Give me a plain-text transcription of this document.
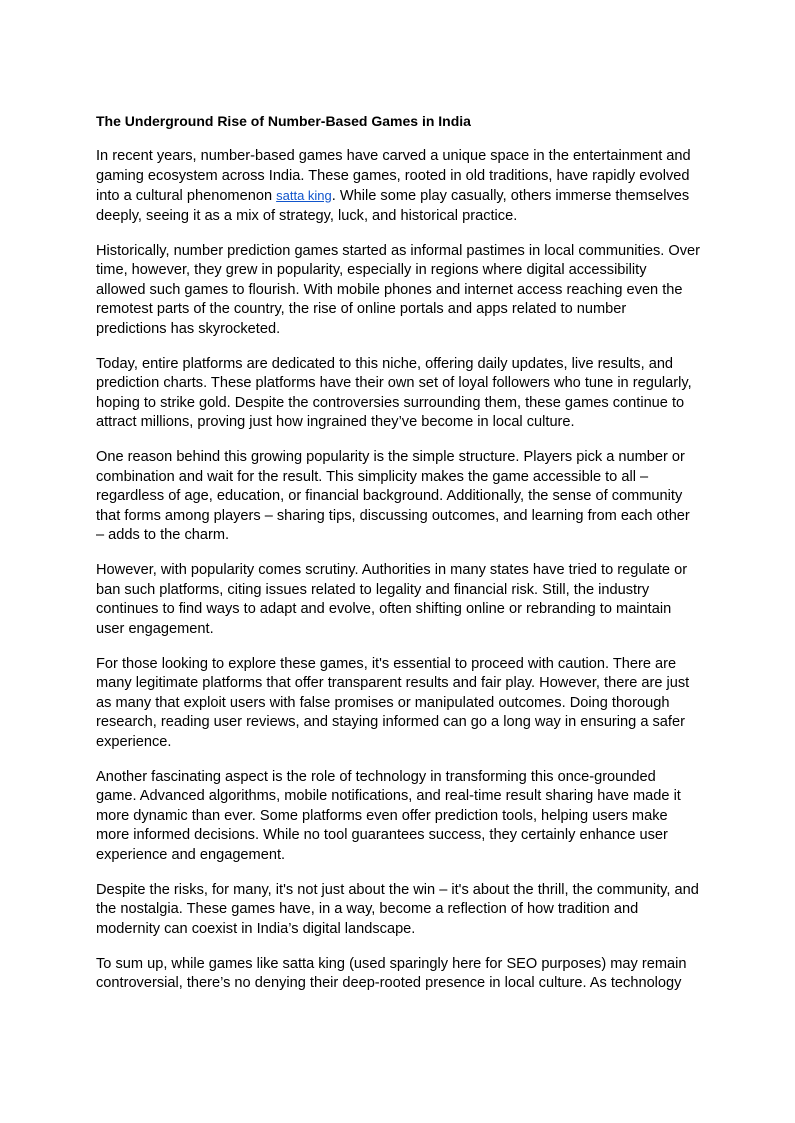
The Underground Rise of Number-Based Games in India

In recent years, number-based games have carved a unique space in the entertainment and gaming ecosystem across India. These games, rooted in old traditions, have rapidly evolved into a cultural phenomenon satta king. While some play casually, others immerse themselves deeply, seeing it as a mix of strategy, luck, and historical practice.

Historically, number prediction games started as informal pastimes in local communities. Over time, however, they grew in popularity, especially in regions where digital accessibility allowed such games to flourish. With mobile phones and internet access reaching even the remotest parts of the country, the rise of online portals and apps related to number predictions has skyrocketed.

Today, entire platforms are dedicated to this niche, offering daily updates, live results, and prediction charts. These platforms have their own set of loyal followers who tune in regularly, hoping to strike gold. Despite the controversies surrounding them, these games continue to attract millions, proving just how ingrained they’ve become in local culture.

One reason behind this growing popularity is the simple structure. Players pick a number or combination and wait for the result. This simplicity makes the game accessible to all – regardless of age, education, or financial background. Additionally, the sense of community that forms among players – sharing tips, discussing outcomes, and learning from each other – adds to the charm.

However, with popularity comes scrutiny. Authorities in many states have tried to regulate or ban such platforms, citing issues related to legality and financial risk. Still, the industry continues to find ways to adapt and evolve, often shifting online or rebranding to maintain user engagement.

For those looking to explore these games, it's essential to proceed with caution. There are many legitimate platforms that offer transparent results and fair play. However, there are just as many that exploit users with false promises or manipulated outcomes. Doing thorough research, reading user reviews, and staying informed can go a long way in ensuring a safer experience.

Another fascinating aspect is the role of technology in transforming this once-grounded game. Advanced algorithms, mobile notifications, and real-time result sharing have made it more dynamic than ever. Some platforms even offer prediction tools, helping users make more informed decisions. While no tool guarantees success, they certainly enhance user experience and engagement.

Despite the risks, for many, it's not just about the win – it's about the thrill, the community, and the nostalgia. These games have, in a way, become a reflection of how tradition and modernity can coexist in India’s digital landscape.

To sum up, while games like satta king (used sparingly here for SEO purposes) may remain controversial, there’s no denying their deep-rooted presence in local culture. As technology
